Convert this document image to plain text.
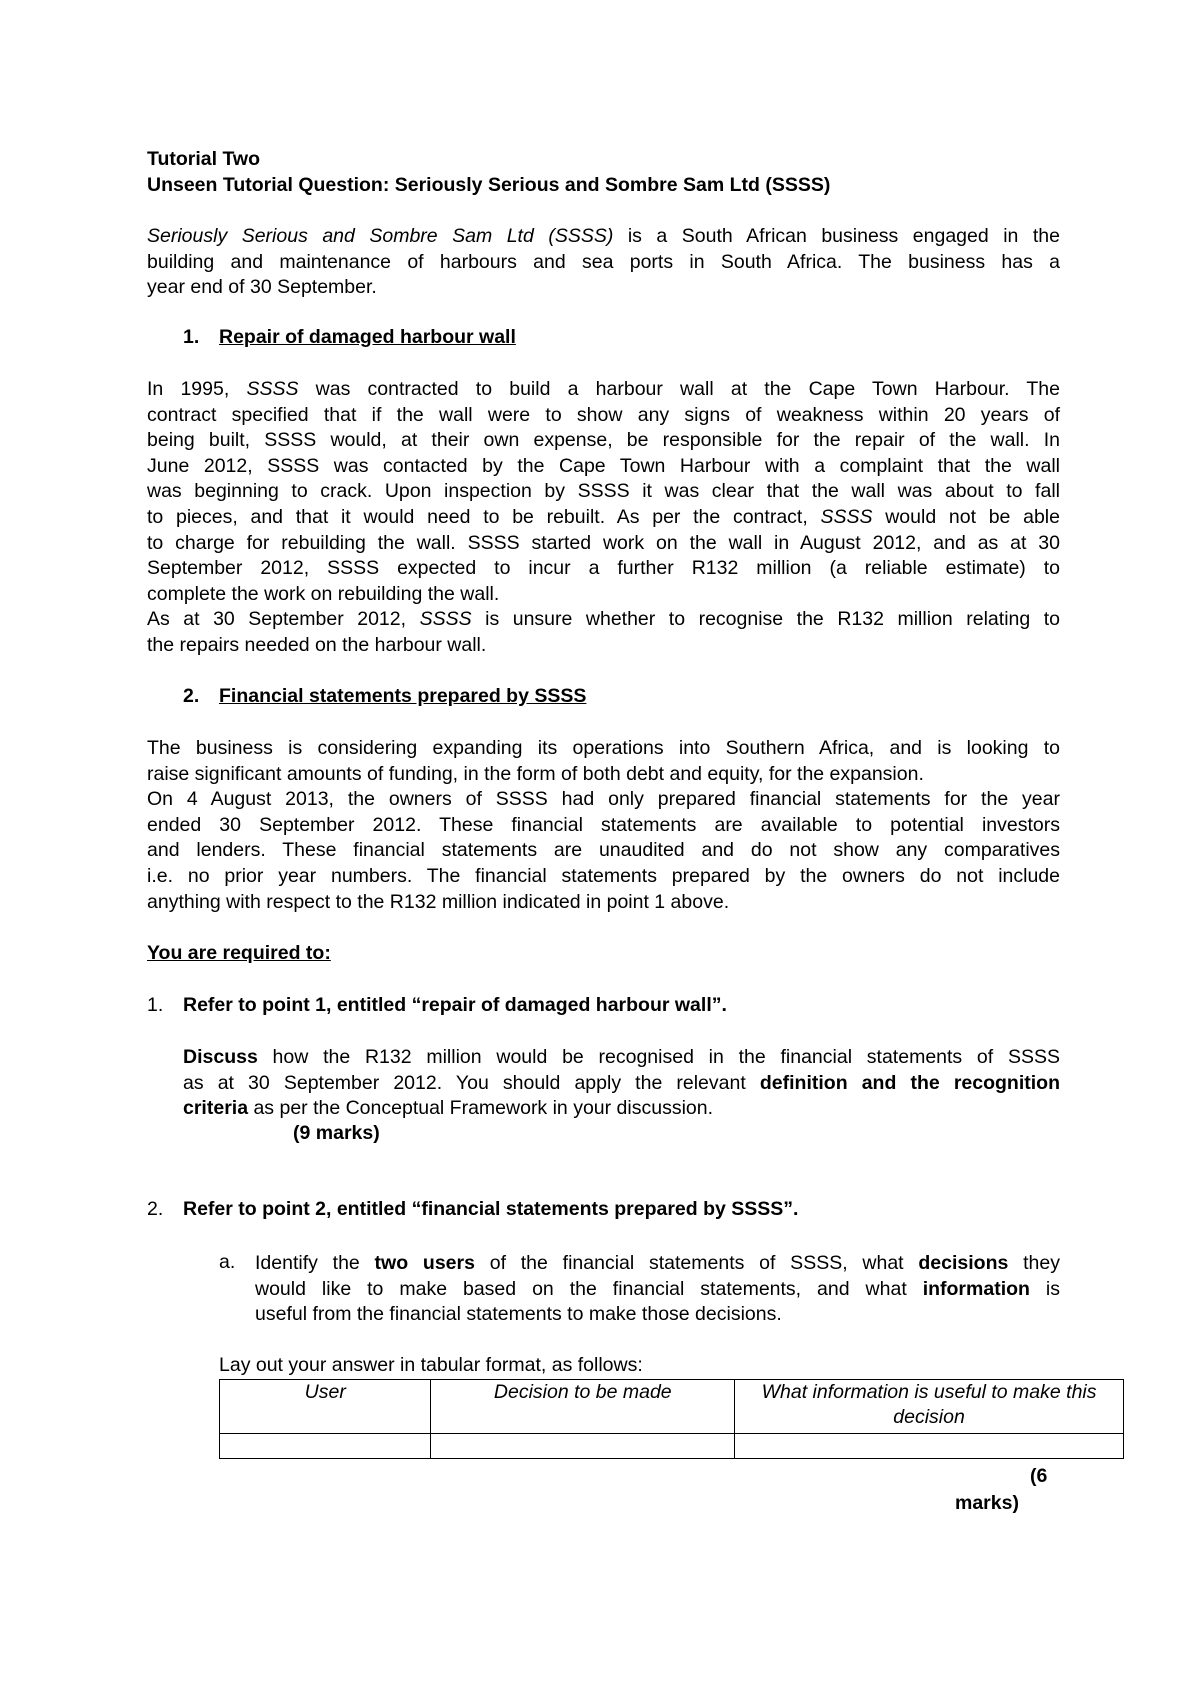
Tutorial Two
Unseen Tutorial Question: Seriously Serious and Sombre Sam Ltd (SSSS)
Seriously Serious and Sombre Sam Ltd (SSSS) is a South African business engaged in the
building and maintenance of harbours and sea ports in South Africa. The business has a
year end of 30 September.
1. Repair of damaged harbour wall
In 1995, SSSS was contracted to build a harbour wall at the Cape Town Harbour. The
contract specified that if the wall were to show any signs of weakness within 20 years of
being built, SSSS would, at their own expense, be responsible for the repair of the wall. In
June 2012, SSSS was contacted by the Cape Town Harbour with a complaint that the wall
was beginning to crack. Upon inspection by SSSS it was clear that the wall was about to fall
to pieces, and that it would need to be rebuilt. As per the contract, SSSS would not be able
to charge for rebuilding the wall. SSSS started work on the wall in August 2012, and as at 30
September 2012, SSSS expected to incur a further R132 million (a reliable estimate) to
complete the work on rebuilding the wall.
As at 30 September 2012, SSSS is unsure whether to recognise the R132 million relating to
the repairs needed on the harbour wall.
2. Financial statements prepared by SSSS
The business is considering expanding its operations into Southern Africa, and is looking to
raise significant amounts of funding, in the form of both debt and equity, for the expansion.
On 4 August 2013, the owners of SSSS had only prepared financial statements for the year
ended 30 September 2012. These financial statements are available to potential investors
and lenders. These financial statements are unaudited and do not show any comparatives
i.e. no prior year numbers. The financial statements prepared by the owners do not include
anything with respect to the R132 million indicated in point 1 above.
You are required to:
1. Refer to point 1, entitled “repair of damaged harbour wall”.
Discuss how the R132 million would be recognised in the financial statements of SSSS
as at 30 September 2012. You should apply the relevant definition and the recognition
criteria as per the Conceptual Framework in your discussion.
(9 marks)
2. Refer to point 2, entitled “financial statements prepared by SSSS”.
a. Identify the two users of the financial statements of SSSS, what decisions they
would like to make based on the financial statements, and what information is
useful from the financial statements to make those decisions.
Lay out your answer in tabular format, as follows:
User	Decision to be made	What information is useful to make this decision

(6
marks)
